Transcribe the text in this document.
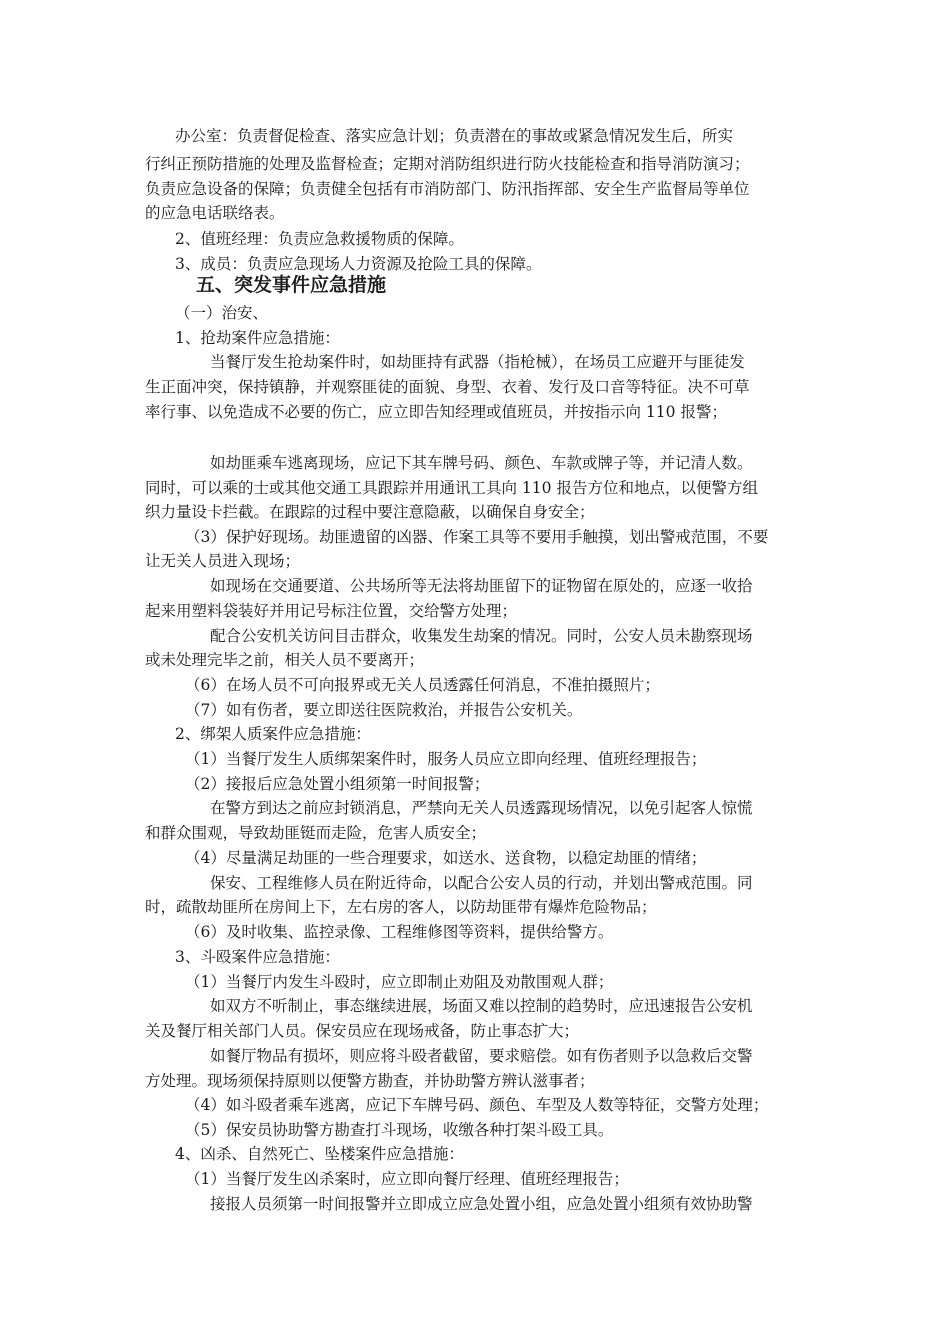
办公室：负责督促检查、落实应急计划；负责潜在的事故或紧急情况发生后，所实
行纠正预防措施的处理及监督检查；定期对消防组织进行防火技能检查和指导消防演习；
负责应急设备的保障；负责健全包括有市消防部门、防汛指挥部、安全生产监督局等单位
的应急电话联络表。
2、值班经理：负责应急救援物质的保障。
3、成员：负责应急现场人力资源及抢险工具的保障。
五、突发事件应急措施
（一）治安、
1、抢劫案件应急措施：
当餐厅发生抢劫案件时，如劫匪持有武器（指枪械），在场员工应避开与匪徒发
生正面冲突，保持镇静，并观察匪徒的面貌、身型、衣着、发行及口音等特征。决不可草
率行事、以免造成不必要的伤亡，应立即告知经理或值班员，并按指示向 110 报警；
如劫匪乘车逃离现场，应记下其车牌号码、颜色、车款或牌子等，并记清人数。
同时，可以乘的士或其他交通工具跟踪并用通讯工具向 110 报告方位和地点，以便警方组
织力量设卡拦截。在跟踪的过程中要注意隐蔽，以确保自身安全；
（3）保护好现场。劫匪遗留的凶器、作案工具等不要用手触摸，划出警戒范围，不要
让无关人员进入现场；
如现场在交通要道、公共场所等无法将劫匪留下的证物留在原处的，应逐一收拾
起来用塑料袋装好并用记号标注位置，交给警方处理；
配合公安机关访问目击群众，收集发生劫案的情况。同时，公安人员未勘察现场
或未处理完毕之前，相关人员不要离开；
（6）在场人员不可向报界或无关人员透露任何消息，不准拍摄照片；
（7）如有伤者，要立即送往医院救治，并报告公安机关。
2、绑架人质案件应急措施：
（1）当餐厅发生人质绑架案件时，服务人员应立即向经理、值班经理报告；
（2）接报后应急处置小组须第一时间报警；
在警方到达之前应封锁消息，严禁向无关人员透露现场情况，以免引起客人惊慌
和群众围观，导致劫匪铤而走险，危害人质安全；
（4）尽量满足劫匪的一些合理要求，如送水、送食物，以稳定劫匪的情绪；
保安、工程维修人员在附近待命，以配合公安人员的行动，并划出警戒范围。同
时，疏散劫匪所在房间上下，左右房的客人，以防劫匪带有爆炸危险物品；
（6）及时收集、监控录像、工程维修图等资料，提供给警方。
3、斗殴案件应急措施：
（1）当餐厅内发生斗殴时，应立即制止劝阻及劝散围观人群；
如双方不听制止，事态继续进展，场面又难以控制的趋势时，应迅速报告公安机
关及餐厅相关部门人员。保安员应在现场戒备，防止事态扩大；
如餐厅物品有损坏，则应将斗殴者截留，要求赔偿。如有伤者则予以急救后交警
方处理。现场须保持原则以便警方勘查，并协助警方辨认滋事者；
（4）如斗殴者乘车逃离，应记下车牌号码、颜色、车型及人数等特征，交警方处理；
（5）保安员协助警方勘查打斗现场，收缴各种打架斗殴工具。
4、凶杀、自然死亡、坠楼案件应急措施：
（1）当餐厅发生凶杀案时，应立即向餐厅经理、值班经理报告；
接报人员须第一时间报警并立即成立应急处置小组，应急处置小组须有效协助警
